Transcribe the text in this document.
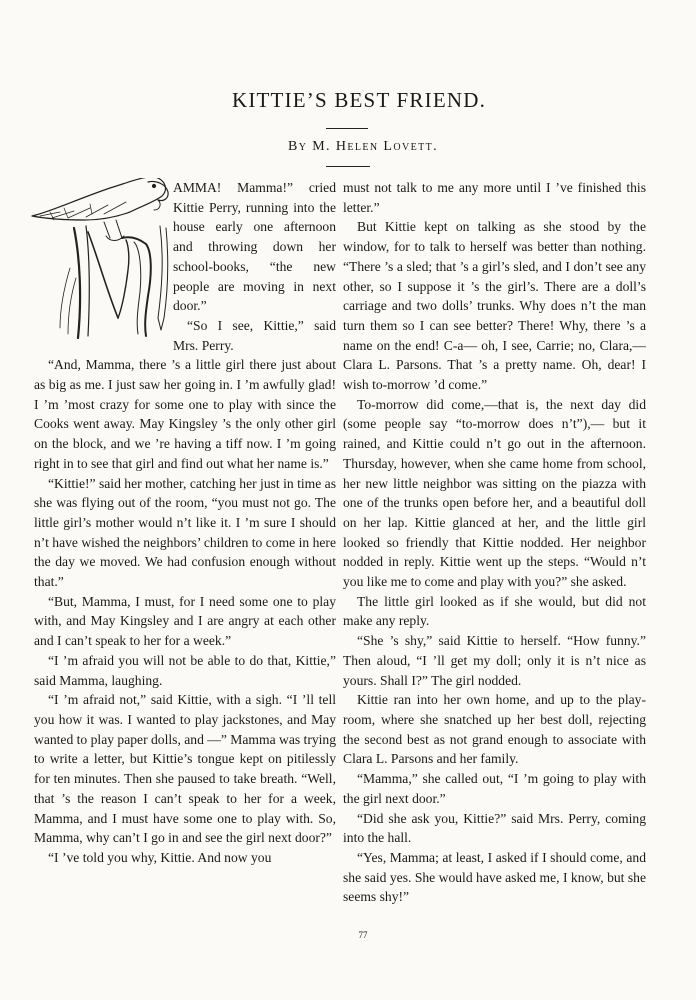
KITTIE’S BEST FRIEND.
By M. Helen Lovett.

AMMA! Mamma!” cried Kittie Perry, running into the house early one afternoon and throwing down her school-books, “the new people are moving in next door.”

“So I see, Kittie,” said Mrs. Perry.

“And, Mamma, there ’s a little girl there just about as big as me. I just saw her going in. I ’m awfully glad! I ’m ’most crazy for some one to play with since the Cooks went away. May Kingsley ’s the only other girl on the block, and we ’re having a tiff now. I ’m going right in to see that girl and find out what her name is.”

“Kittie!” said her mother, catching her just in time as she was flying out of the room, “you must not go. The little girl’s mother would n’t like it. I ’m sure I should n’t have wished the neighbors’ children to come in here the day we moved. We had confusion enough without that.”

“But, Mamma, I must, for I need some one to play with, and May Kingsley and I are angry at each other and I can’t speak to her for a week.”

“I ’m afraid you will not be able to do that, Kittie,” said Mamma, laughing.

“I ’m afraid not,” said Kittie, with a sigh. “I ’ll tell you how it was. I wanted to play jackstones, and May wanted to play paper dolls, and —” Mamma was trying to write a letter, but Kittie’s tongue kept on pitilessly for ten minutes. Then she paused to take breath. “Well, that ’s the reason I can’t speak to her for a week, Mamma, and I must have some one to play with. So, Mamma, why can’t I go in and see the girl next door?”

“I ’ve told you why, Kittie. And now you

must not talk to me any more until I ’ve finished this letter.”

But Kittie kept on talking as she stood by the window, for to talk to herself was better than nothing. “There ’s a sled; that ’s a girl’s sled, and I don’t see any other, so I suppose it ’s the girl’s. There are a doll’s carriage and two dolls’ trunks. Why does n’t the man turn them so I can see better? There! Why, there ’s a name on the end! C-a— oh, I see, Carrie; no, Clara,—Clara L. Parsons. That ’s a pretty name. Oh, dear! I wish to-morrow ’d come.”

To-morrow did come,—that is, the next day did (some people say “to-morrow does n’t”),— but it rained, and Kittie could n’t go out in the afternoon. Thursday, however, when she came home from school, her new little neighbor was sitting on the piazza with one of the trunks open before her, and a beautiful doll on her lap. Kittie glanced at her, and the little girl looked so friendly that Kittie nodded. Her neighbor nodded in reply. Kittie went up the steps. “Would n’t you like me to come and play with you?” she asked.

The little girl looked as if she would, but did not make any reply.

“She ’s shy,” said Kittie to herself. “How funny.” Then aloud, “I ’ll get my doll; only it is n’t nice as yours. Shall I?” The girl nodded.

Kittie ran into her own home, and up to the play-room, where she snatched up her best doll, rejecting the second best as not grand enough to associate with Clara L. Parsons and her family.

“Mamma,” she called out, “I ’m going to play with the girl next door.”

“Did she ask you, Kittie?” said Mrs. Perry, coming into the hall.

“Yes, Mamma; at least, I asked if I should come, and she said yes. She would have asked me, I know, but she seems shy!”

77
